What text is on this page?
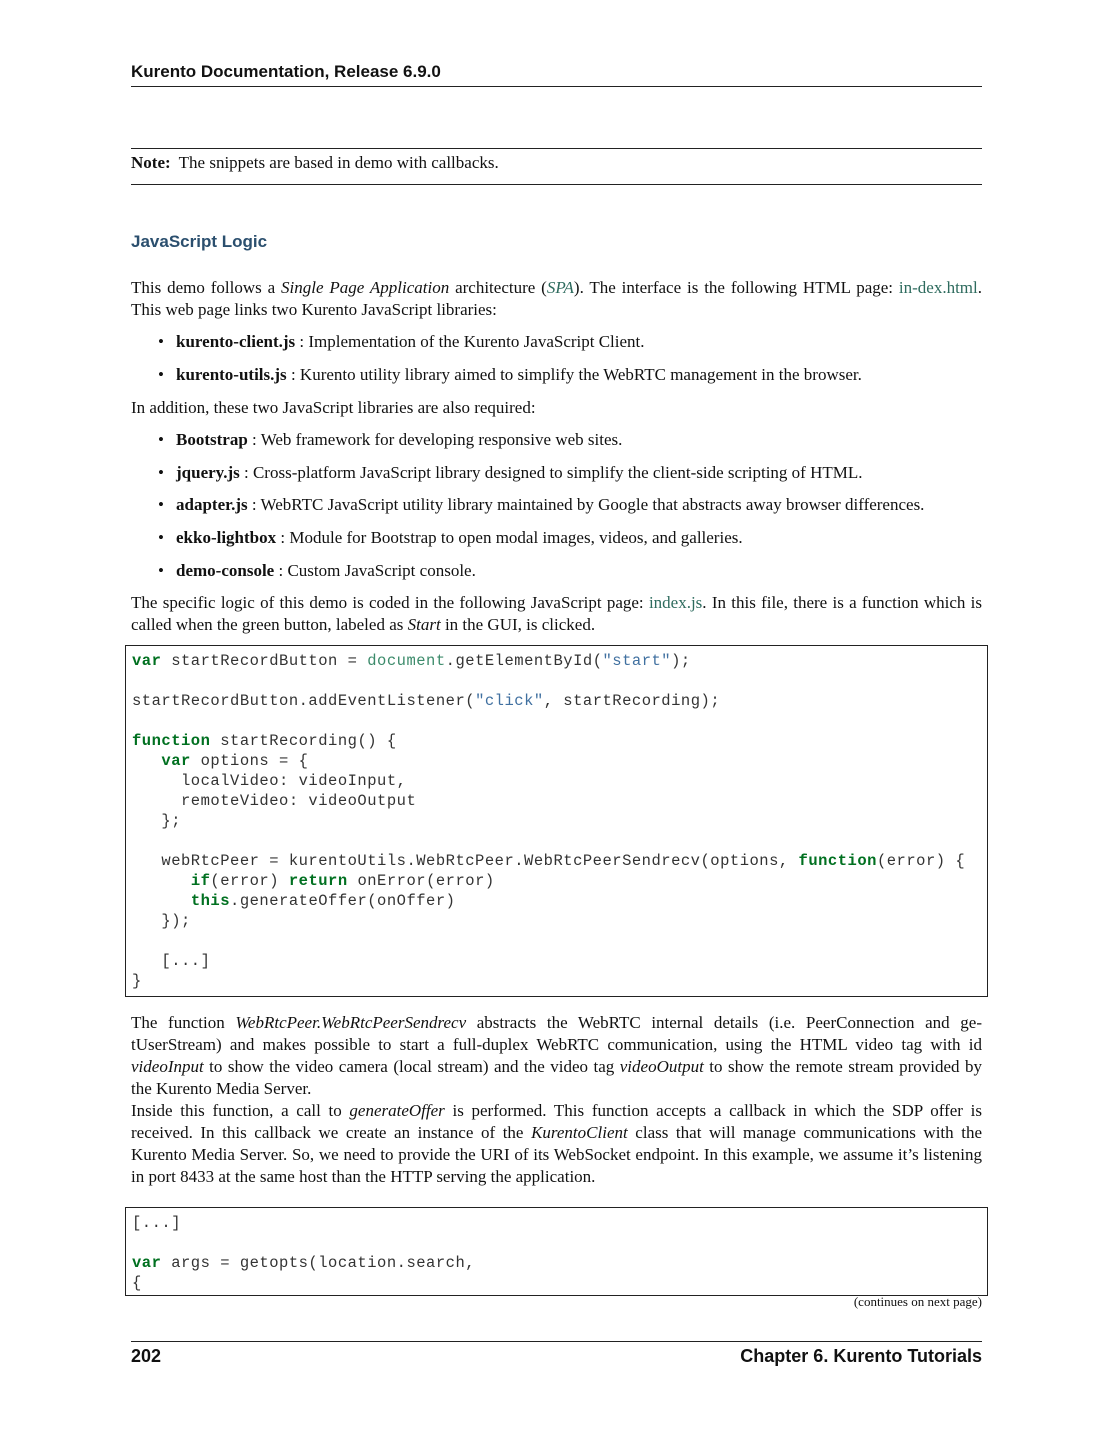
Kurento Documentation, Release 6.9.0
Note: The snippets are based in demo with callbacks.
JavaScript Logic
This demo follows a Single Page Application architecture (SPA). The interface is the following HTML page: in-dex.html. This web page links two Kurento JavaScript libraries:
• kurento-client.js : Implementation of the Kurento JavaScript Client.
• kurento-utils.js : Kurento utility library aimed to simplify the WebRTC management in the browser.
In addition, these two JavaScript libraries are also required:
• Bootstrap : Web framework for developing responsive web sites.
• jquery.js : Cross-platform JavaScript library designed to simplify the client-side scripting of HTML.
• adapter.js : WebRTC JavaScript utility library maintained by Google that abstracts away browser differences.
• ekko-lightbox : Module for Bootstrap to open modal images, videos, and galleries.
• demo-console : Custom JavaScript console.
The specific logic of this demo is coded in the following JavaScript page: index.js. In this file, there is a function which is called when the green button, labeled as Start in the GUI, is clicked.
var startRecordButton = document.getElementById("start");
startRecordButton.addEventListener("click", startRecording);
function startRecording() {
var options = {
localVideo: videoInput,
remoteVideo: videoOutput
};
webRtcPeer = kurentoUtils.WebRtcPeer.WebRtcPeerSendrecv(options, function(error) {
if(error) return onError(error)
this.generateOffer(onOffer)
});
[...]
}
The function WebRtcPeer.WebRtcPeerSendrecv abstracts the WebRTC internal details (i.e. PeerConnection and ge-tUserStream) and makes possible to start a full-duplex WebRTC communication, using the HTML video tag with id videoInput to show the video camera (local stream) and the video tag videoOutput to show the remote stream provided by the Kurento Media Server.
Inside this function, a call to generateOffer is performed. This function accepts a callback in which the SDP offer is received. In this callback we create an instance of the KurentoClient class that will manage communications with the Kurento Media Server. So, we need to provide the URI of its WebSocket endpoint. In this example, we assume it’s listening in port 8433 at the same host than the HTTP serving the application.
[...]
var args = getopts(location.search,
{
(continues on next page)
202	Chapter 6. Kurento Tutorials
